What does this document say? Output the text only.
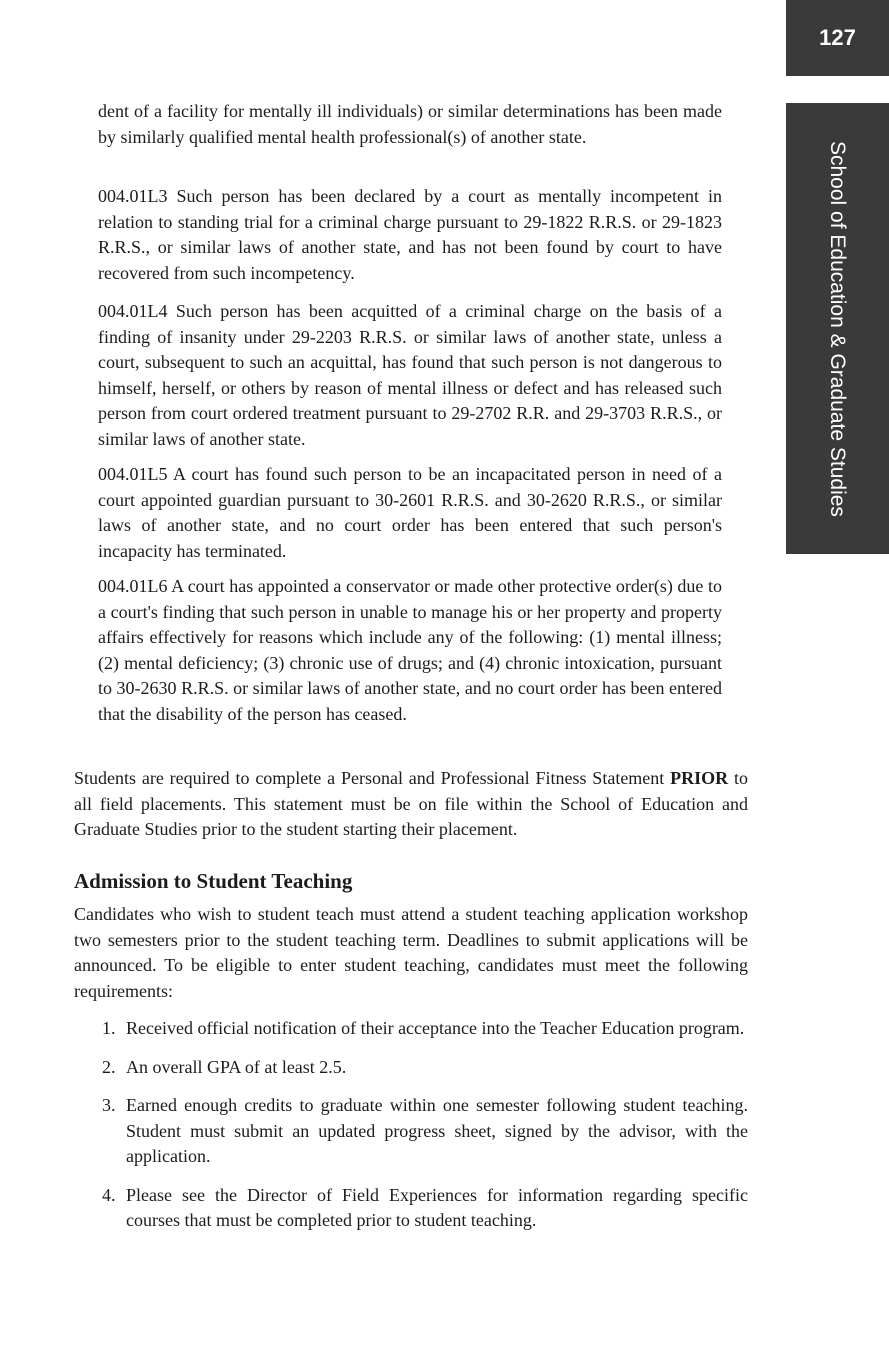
127
School of Education & Graduate Studies

dent of a facility for mentally ill individuals) or similar determinations has been made by similarly qualified mental health professional(s) of another state.

004.01L3 Such person has been declared by a court as mentally incompetent in relation to standing trial for a criminal charge pursuant to 29-1822 R.R.S. or 29-1823 R.R.S., or similar laws of another state, and has not been found by court to have recovered from such incompetency.

004.01L4 Such person has been acquitted of a criminal charge on the basis of a finding of insanity under 29-2203 R.R.S. or similar laws of another state, unless a court, subsequent to such an acquittal, has found that such person is not dangerous to himself, herself, or others by reason of mental illness or defect and has released such person from court ordered treatment pursuant to 29-2702 R.R. and 29-3703 R.R.S., or similar laws of another state.

004.01L5 A court has found such person to be an incapacitated person in need of a court appointed guardian pursuant to 30-2601 R.R.S. and 30-2620 R.R.S., or similar laws of another state, and no court order has been entered that such person's incapacity has terminated.

004.01L6 A court has appointed a conservator or made other protective order(s) due to a court's finding that such person in unable to manage his or her property and property affairs effectively for reasons which include any of the following: (1) mental illness; (2) mental deficiency; (3) chronic use of drugs; and (4) chronic intoxication, pursuant to 30-2630 R.R.S. or similar laws of another state, and no court order has been entered that the disability of the person has ceased.

Students are required to complete a Personal and Professional Fitness Statement PRIOR to all field placements. This statement must be on file within the School of Education and Graduate Studies prior to the student starting their placement.

Admission to Student Teaching

Candidates who wish to student teach must attend a student teaching application workshop two semesters prior to the student teaching term. Deadlines to submit applications will be announced. To be eligible to enter student teaching, candidates must meet the following requirements:

1. Received official notification of their acceptance into the Teacher Education program.
2. An overall GPA of at least 2.5.
3. Earned enough credits to graduate within one semester following student teaching. Student must submit an updated progress sheet, signed by the advisor, with the application.
4. Please see the Director of Field Experiences for information regarding specific courses that must be completed prior to student teaching.
